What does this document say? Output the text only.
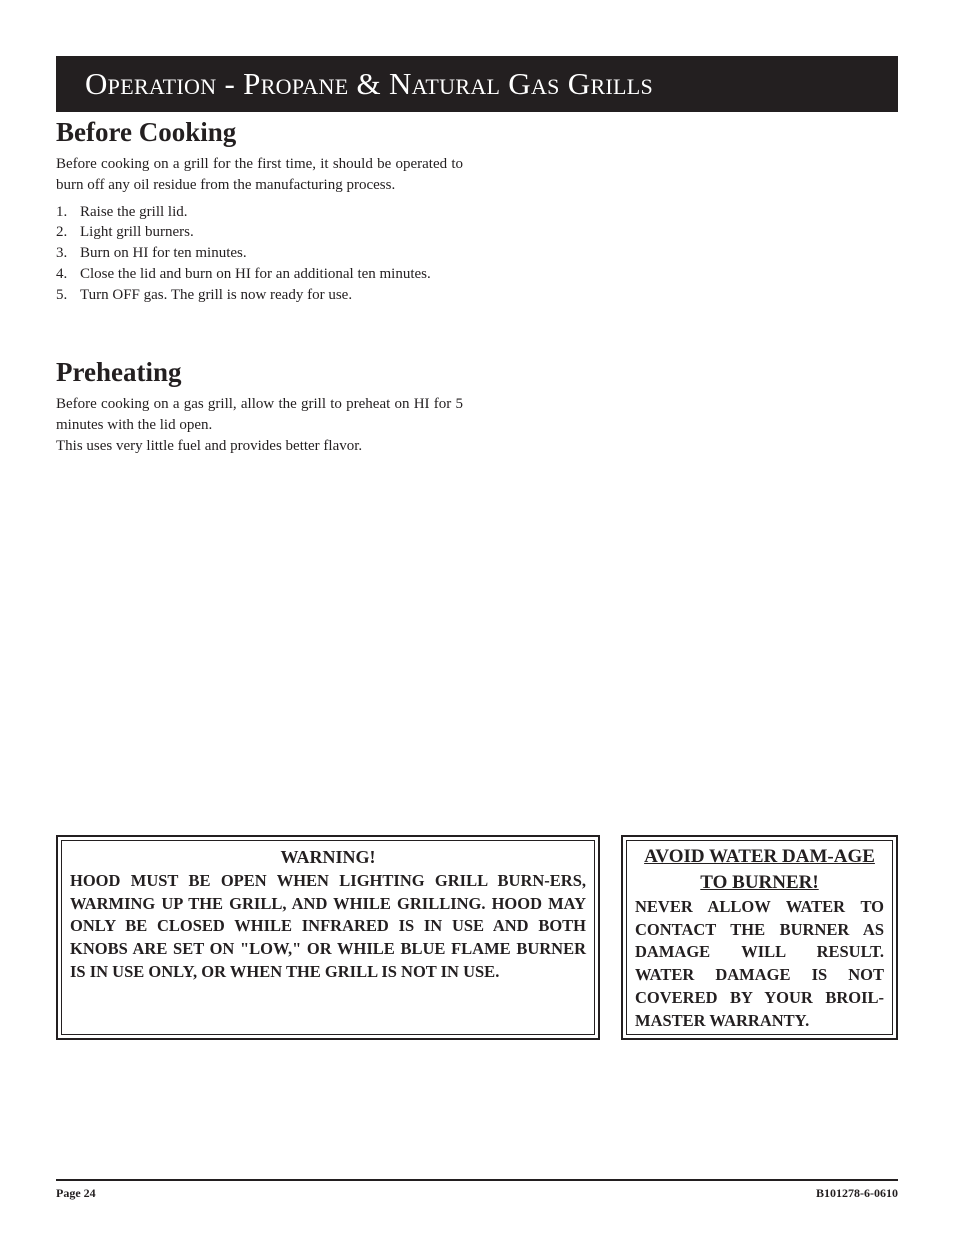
Operation - Propane & Natural Gas Grills
Before Cooking

Before cooking on a grill for the first time, it should be operated to burn off any oil residue from the manufacturing process.

1. Raise the grill lid.
2. Light grill burners.
3. Burn on HI for ten minutes.
4. Close the lid and burn on HI for an additional ten minutes.
5. Turn OFF gas. The grill is now ready for use.
Preheating

Before cooking on a gas grill, allow the grill to preheat on HI for 5 minutes with the lid open.

This uses very little fuel and provides better flavor.

WARNING!
HOOD MUST BE OPEN WHEN LIGHTING GRILL BURN-ERS, WARMING UP THE GRILL, AND WHILE GRILLING. HOOD MAY ONLY BE CLOSED WHILE INFRARED IS IN USE AND BOTH KNOBS ARE SET ON "LOW," OR WHILE BLUE FLAME BURNER IS IN USE ONLY, OR WHEN THE GRILL IS NOT IN USE.
AVOID WATER DAM-AGE TO BURNER!
NEVER ALLOW WATER TO CONTACT THE BURNER AS DAMAGE WILL RESULT. WATER DAMAGE IS NOT COVERED BY YOUR BROIL-MASTER WARRANTY.
Page 24	B101278-6-0610
